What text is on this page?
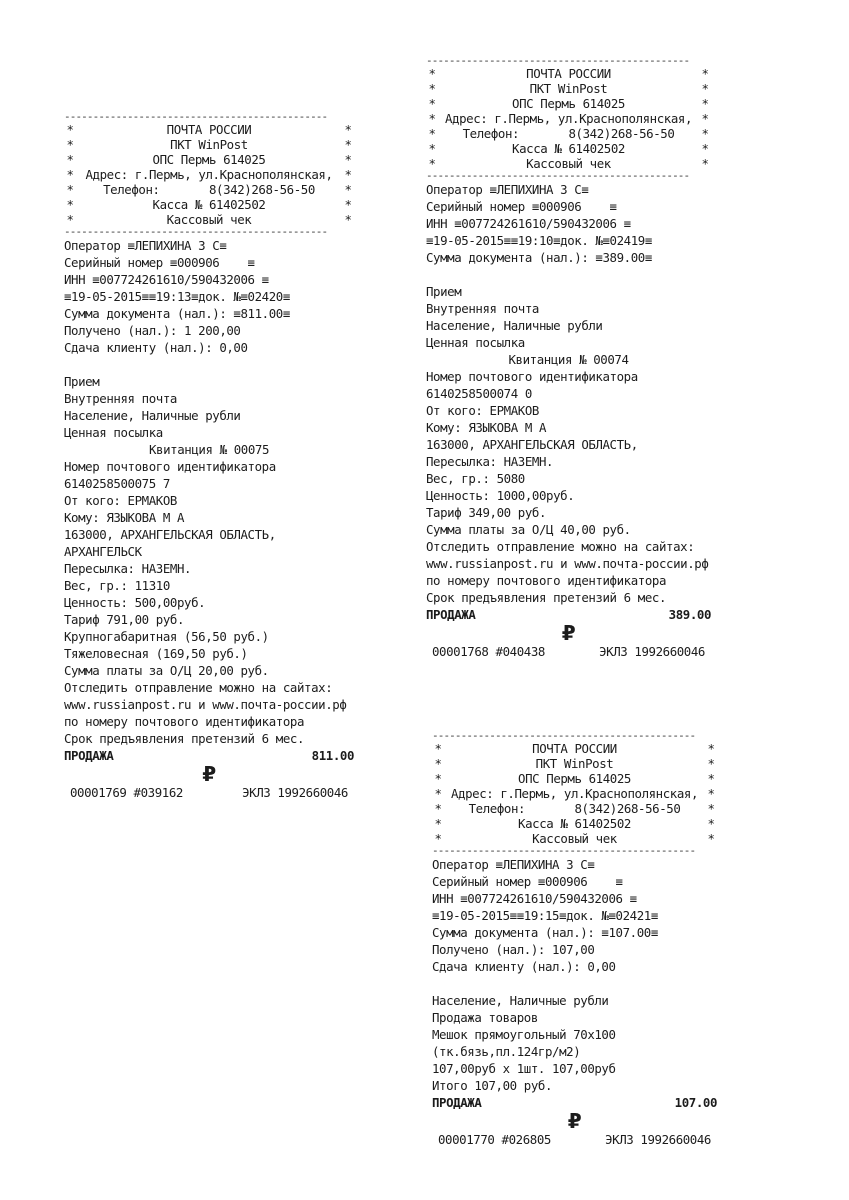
----------------------------------------------
*	ПОЧТА РОССИИ	*
*	ПКТ WinPost	*
*	ОПС Пермь 614025	*
* Адрес: г.Пермь, ул.Краснополянская, *
*	Телефон:       8(342)268-56-50	*
*	Касса № 61402502	*
*	Кассовый чек	*
----------------------------------------------
Оператор ≡ЛЕПИХИНА З С≡
Серийный номер ≡000906    ≡
ИНН ≡007724261610/590432006 ≡
≡19-05-2015≡≡19:13≡док. №≡02420≡
Сумма документа (нал.): ≡811.00≡
Получено (нал.): 1 200,00
Сдача клиенту (нал.): 0,00
Прием
Внутренняя почта
Население, Наличные рубли
Ценная посылка
Квитанция № 00075
Номер почтового идентификатора
6140258500075 7
От кого: ЕРМАКОВ
Кому: ЯЗЫКОВА М А
163000, АРХАНГЕЛЬСКАЯ ОБЛАСТЬ,
АРХАНГЕЛЬСК
Пересылка: НАЗЕМН.
Вес, гр.: 11310
Ценность: 500,00руб.
Тариф 791,00 руб.
Крупногабаритная (56,50 руб.)
Тяжеловесная (169,50 руб.)
Сумма платы за О/Ц 20,00 руб.
Отследить отправление можно на сайтах:
www.russianpost.ru и www.почта-россии.рф
по номеру почтового идентификатора
Срок предъявления претензий 6 мес.
ПРОДАЖА	811.00
₽
00001769 #039162	ЭКЛЗ 1992660046
----------------------------------------------
*	ПОЧТА РОССИИ	*
*	ПКТ WinPost	*
*	ОПС Пермь 614025	*
* Адрес: г.Пермь, ул.Краснополянская, *
*	Телефон:       8(342)268-56-50	*
*	Касса № 61402502	*
*	Кассовый чек	*
----------------------------------------------
Оператор ≡ЛЕПИХИНА З С≡
Серийный номер ≡000906    ≡
ИНН ≡007724261610/590432006 ≡
≡19-05-2015≡≡19:10≡док. №≡02419≡
Сумма документа (нал.): ≡389.00≡
Прием
Внутренняя почта
Население, Наличные рубли
Ценная посылка
Квитанция № 00074
Номер почтового идентификатора
6140258500074 0
От кого: ЕРМАКОВ
Кому: ЯЗЫКОВА М А
163000, АРХАНГЕЛЬСКАЯ ОБЛАСТЬ,
Пересылка: НАЗЕМН.
Вес, гр.: 5080
Ценность: 1000,00руб.
Тариф 349,00 руб.
Сумма платы за О/Ц 40,00 руб.
Отследить отправление можно на сайтах:
www.russianpost.ru и www.почта-россии.рф
по номеру почтового идентификатора
Срок предъявления претензий 6 мес.
ПРОДАЖА	389.00
₽
00001768 #040438	ЭКЛЗ 1992660046
----------------------------------------------
*	ПОЧТА РОССИИ	*
*	ПКТ WinPost	*
*	ОПС Пермь 614025	*
* Адрес: г.Пермь, ул.Краснополянская, *
*	Телефон:       8(342)268-56-50	*
*	Касса № 61402502	*
*	Кассовый чек	*
----------------------------------------------
Оператор ≡ЛЕПИХИНА З С≡
Серийный номер ≡000906    ≡
ИНН ≡007724261610/590432006 ≡
≡19-05-2015≡≡19:15≡док. №≡02421≡
Сумма документа (нал.): ≡107.00≡
Получено (нал.): 107,00
Сдача клиенту (нал.): 0,00
Население, Наличные рубли
Продажа товаров
Мешок прямоугольный 70х100
(тк.бязь,пл.124гр/м2)
107,00руб х 1шт. 107,00руб
Итого 107,00 руб.
ПРОДАЖА	107.00
₽
00001770 #026805	ЭКЛЗ 1992660046
